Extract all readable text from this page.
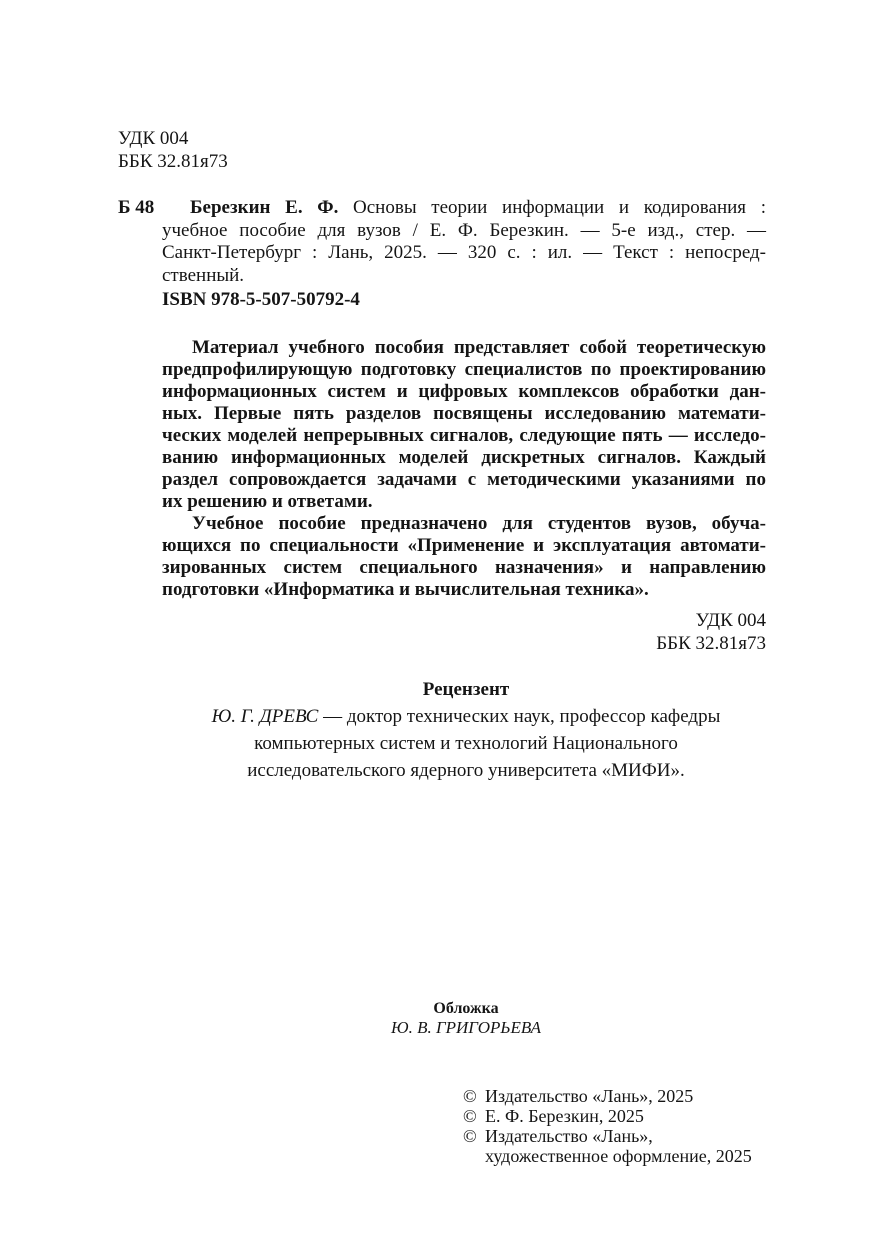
УДК 004
ББК 32.81я73
Б 48	Березкин Е. Ф. Основы теории информации и кодирования :
учебное пособие для вузов / Е. Ф. Березкин. — 5-е изд., стер. —
Санкт-Петербург : Лань, 2025. — 320 с. : ил. — Текст : непосред-
ственный.
ISBN 978-5-507-50792-4
Материал учебного пособия представляет собой теоретическую
предпрофилирующую подготовку специалистов по проектированию
информационных систем и цифровых комплексов обработки дан-
ных. Первые пять разделов посвящены исследованию математи-
ческих моделей непрерывных сигналов, следующие пять — исследо-
ванию информационных моделей дискретных сигналов. Каждый
раздел сопровождается задачами с методическими указаниями по
их решению и ответами.
Учебное пособие предназначено для студентов вузов, обуча-
ющихся по специальности «Применение и эксплуатация автомати-
зированных систем специального назначения» и направлению
подготовки «Информатика и вычислительная техника».
УДК 004
ББК 32.81я73
Рецензент
Ю. Г. ДРЕВС — доктор технических наук, профессор кафедры
компьютерных систем и технологий Национального
исследовательского ядерного университета «МИФИ».
Обложка
Ю. В. ГРИГОРЬЕВА
© Издательство «Лань», 2025
© Е. Ф. Березкин, 2025
© Издательство «Лань»,
художественное оформление, 2025
